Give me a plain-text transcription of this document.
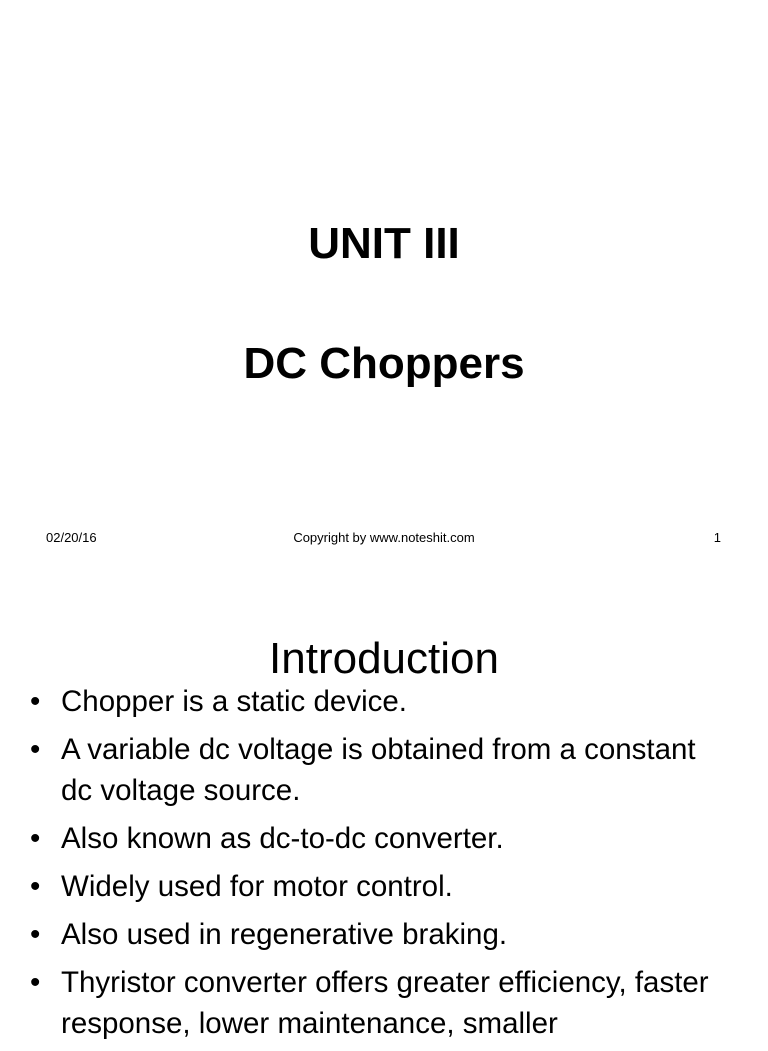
UNIT III
DC Choppers
02/20/16	Copyright by www.noteshit.com	1
Introduction
• Chopper is a static device.
• A variable dc voltage is obtained from a constant dc voltage source.
• Also known as dc-to-dc converter.
• Widely used for motor control.
• Also used in regenerative braking.
• Thyristor converter offers greater efficiency, faster response, lower maintenance, smaller
